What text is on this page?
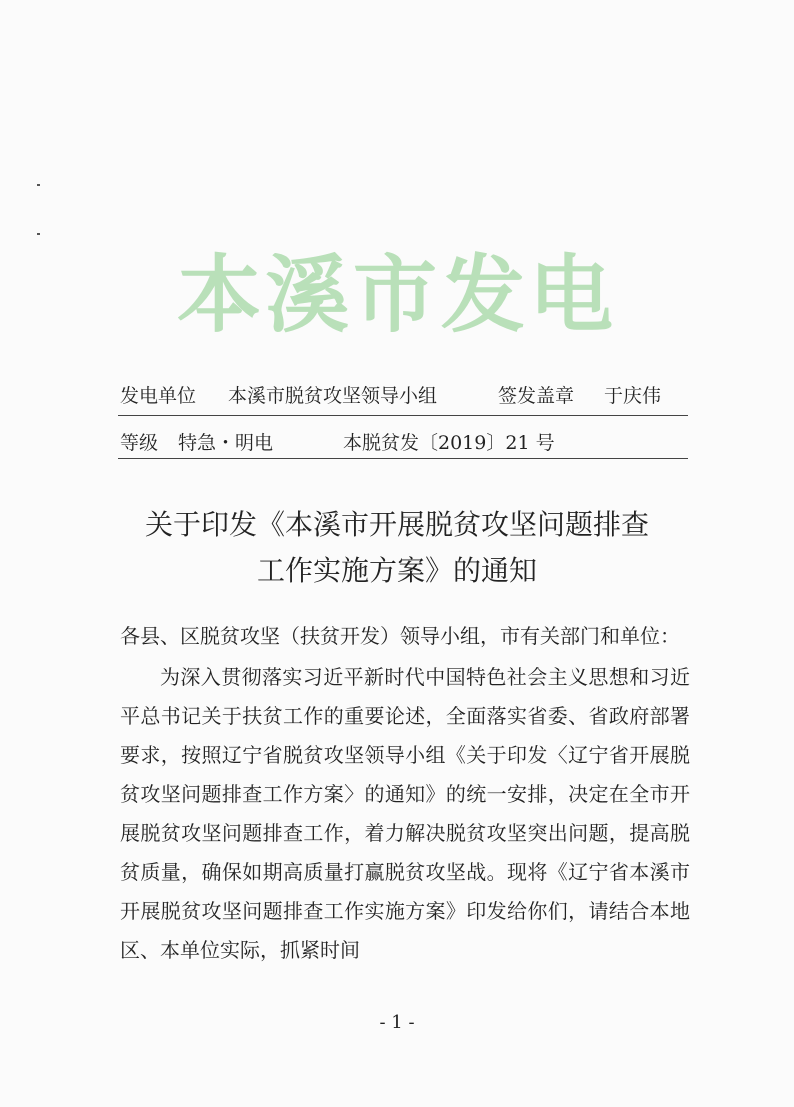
本溪市发电
发电单位 本溪市脱贫攻坚领导小组	签发盖章 于庆伟
等级 特急・明电	本脱贫发〔2019〕21 号
关于印发《本溪市开展脱贫攻坚问题排查
工作实施方案》的通知

各县、区脱贫攻坚（扶贫开发）领导小组，市有关部门和单位：

为深入贯彻落实习近平新时代中国特色社会主义思想和习近平总书记关于扶贫工作的重要论述，全面落实省委、省政府部署要求，按照辽宁省脱贫攻坚领导小组《关于印发〈辽宁省开展脱贫攻坚问题排查工作方案〉的通知》的统一安排，决定在全市开展脱贫攻坚问题排查工作，着力解决脱贫攻坚突出问题，提高脱贫质量，确保如期高质量打赢脱贫攻坚战。现将《辽宁省本溪市开展脱贫攻坚问题排查工作实施方案》印发给你们，请结合本地区、本单位实际，抓紧时间

- 1 -
